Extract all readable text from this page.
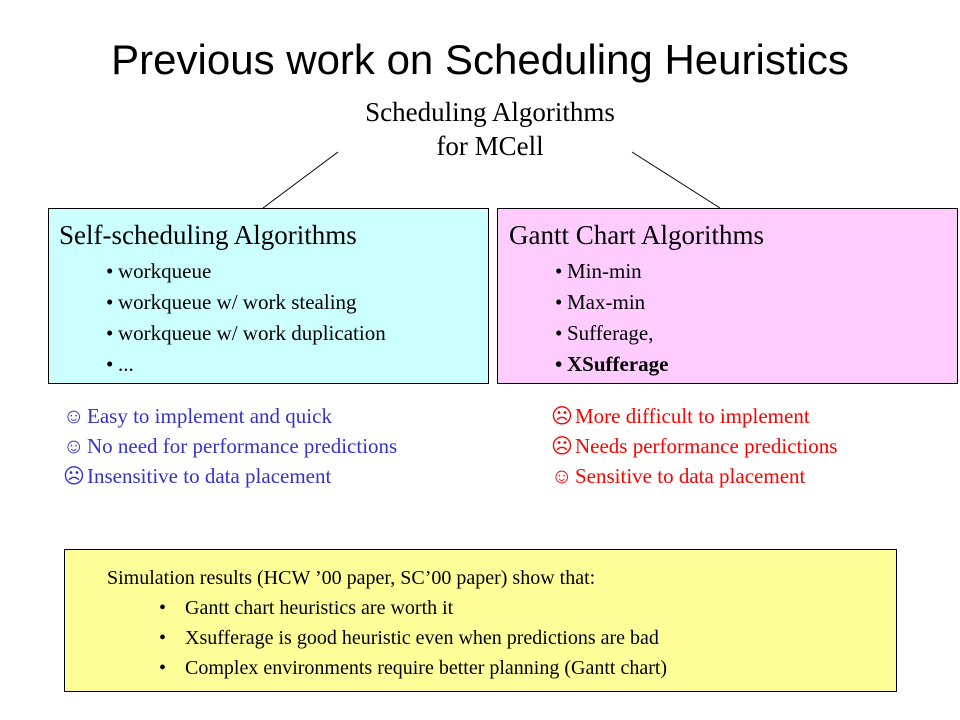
Previous work on Scheduling Heuristics
Scheduling Algorithms
for MCell
Self-scheduling Algorithms
• workqueue
• workqueue w/ work stealing
• workqueue w/ work duplication
• ...
Gantt Chart Algorithms
• Min-min
• Max-min
• Sufferage,
• XSufferage
☺ Easy to implement and quick
☺ No need for performance predictions
☹Insensitive to data placement
☹More difficult to implement
☹Needs performance predictions
☺ Sensitive to data placement
Simulation results (HCW ’00 paper, SC’00 paper) show that:
• Gantt chart heuristics are worth it
• Xsufferage is good heuristic even when predictions are bad
• Complex environments require better planning (Gantt chart)
